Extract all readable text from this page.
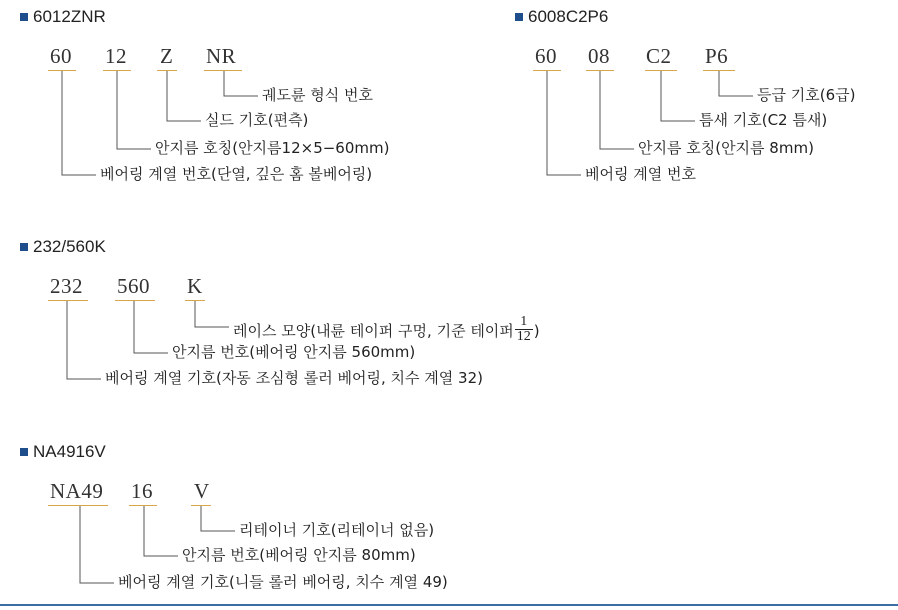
6012ZNR
60 12 Z NR
궤도륜 형식 번호
실드 기호(편측)
안지름 호칭(안지름12×5−60mm)
베어링 계열 번호(단열, 깊은 홈 볼베어링)
6008C2P6
60 08 C2 P6
등급 기호(6급)
틈새 기호(C2 틈새)
안지름 호칭(안지름 8mm)
베어링 계열 번호
232/560K
232 560 K
레이스 모양(내륜 테이퍼 구멍, 기준 테이퍼 $\frac{1}{12}$ )
안지름 번호(베어링 안지름 560mm)
베어링 계열 기호(자동 조심형 롤러 베어링, 치수 계열 32)
NA4916V
NA49 16 V
리테이너 기호(리테이너 없음)
안지름 번호(베어링 안지름 80mm)
베어링 계열 기호(니들 롤러 베어링, 치수 계열 49)
